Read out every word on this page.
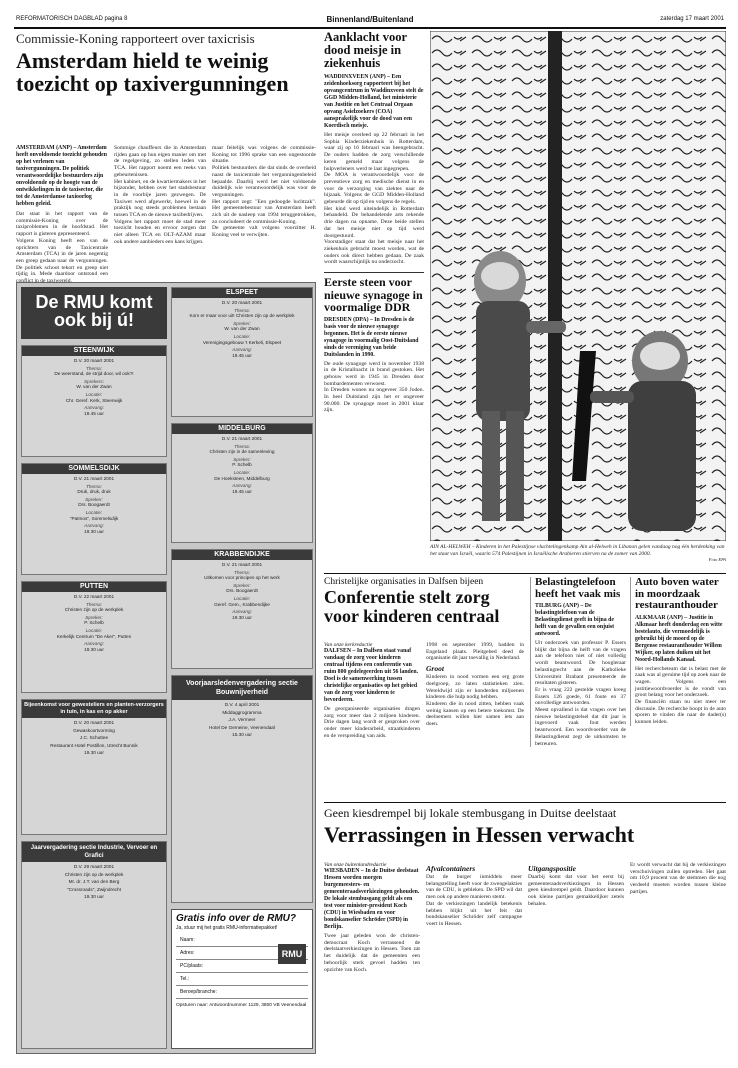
REFORMATORISCH DAGBLAD pagina 8	Binnenland/Buitenland	zaterdag 17 maart 2001
Commissie-Koning rapporteert over taxicrisis
Amsterdam hield te weinig toezicht op taxivergunningen
AMSTERDAM (ANP) – Amsterdam heeft onvoldoende toezicht gehouden op het verlenen van taxivergunningen. De politiek verantwoordelijke bestuurders zijn onvoldoende op de hoogte van de ontwikkelingen in de taxisector, die tot de Amsterdamse taxioorlog hebben geleid.
Dat staat in het rapport van de commissie-Koning over de taxiproblemen in de hoofdstad. Het rapport is gisteren gepresenteerd.
Volgens Koning heeft een van de oprichters van de Taxicentrale Amsterdam (TCA) in de jaren negentig een greep gedaan naar de vergunningen. De politiek schoot tekort en greep niet tijdig in. Mede daardoor ontstond een
Sommige chauffeurs die in Amsterdam rijden gaan op hun eigen manier om met de regelgeving, zo stellen leden van TCA. Het rapport noemt een reeks van gebeurtenissen.
Het kabinet, en de kwartiermakers in het bijzonder, hebben over het stadsbestuur in de voorbije jaren gezwegen. De Taxiwet werd afgewerkt, hoewel in de praktijk nog steeds problemen bestaan tussen TCA en de nieuwe taxibedrijven.
Volgens het rapport moet de stad meer toezicht houden en ervoor zorgen dat niet alleen TCA en OLT-AZAM maar ook andere aanbieders een kans krijgen.
maar feitelijk was volgens de commissie-Koning tot 1996 sprake van een ongestoorde situatie.
Politiek bestuurders die dat sinds de overheid naast de taxicentrale het vergunningenbeleid bepaalde. Daarbij werd het niet voldoende duidelijk wie verantwoordelijk was voor de vergunningen.
Het rapport zegt: "Een gedoogde luchtzak". Het gemeentebestuur van Amsterdam heeft zich uit de nasleep van 1994 teruggetrokken, zo concludeert de commissie-Koning.
De gemeente valt volgens voorzitter H. Koning veel te verwijten.
De RMU komt ook bij ú!
STEENWIJK
D.V. 20 maart 2001
Thema:
De weerstand, de strijd door, wil ook?!
Sprekers:
W. van der Zwan
Locatie:
Chr. Geref. Kerk, Steenwijk
Aanvang:
19.45 uur
SOMMELSDIJK
D.V. 21 maart 2001
Thema:
Druk, druk, druk
Spreker:
Drs. Boogaerdt
Locatie:
"Patmos", Sommelsdijk
Aanvang:
19.30 uur
PUTTEN
D.V. 22 maart 2001
Thema:
Christen zijn op de werkplek
Spreker:
P. Schelb
Locatie:
Kerkelijk Centrum "De Aker", Putten
Aanvang:
19.30 uur
Bijeenkomst voor gewesteliers en planten-verzorgers in tuin, in kas en op akker
D.V. 20 maart 2001
Gewaskoortvorming
J.C. Schuttee
Restaurant Hotel Postillon, Utrecht Bunnik
19.30 uur
Jaarvergadering sectie Industrie, Vervoer en Grafici
D.V. 29 maart 2001
Christen zijn op de werkplek
Mr. dr. J.T. van den Berg
"Crossroads", Zwijndrecht
19.30 uur
ELSPEET
D.V. 20 maart 2001
Thema:
Kom er maar voor uit! Christen zijn op de werkplek
Spreker:
W. van der Zwan
Locatie:
Verenigingsgebouw 't Kerkeli, Elspeet
Aanvang:
19.45 uur
MIDDELBURG
D.V. 21 maart 2001
Thema:
Christen zijn in de samenleving
Spreker:
P. Schelb
Locatie:
De Hoeksteen, Middelburg
Aanvang:
19.45 uur
KRABBENDIJKE
D.V. 21 maart 2001
Thema:
Uitkomen voor principes op het werk
Spreker:
Drs. Boogaerdt
Locatie:
Geref. Gem., Krabbendijke
Aanvang:
19.30 uur
Voorjaarsledenvergadering sectie Bouwnijverheid
D.V. 4 april 2001
Middaggrogramma
J.A. Vermeer
Hotel De Gemeine, Veenendaal
15.30 uur
Gratis info over de RMU?
Ja, stuur mij het gratis RMU-informatiepakket!
Naam:
Adres:
PC/plaats:
Tel.:
Beroep/branche:
Opsturen naar: Antwoordnummer 1129, 3800 VB Veenendaal
RMU
Aanklacht voor dood meisje in ziekenhuis
WADDINXVEEN (ANP) – Een zeidenhoeksorg rapporteert bij het opvangcentrum in Waddinxveen stelt de GGD Midden-Holland, het ministerie van Justitie en het Centraal Orgaan opvang Asielzoekers (COA) aansprakelijk voor de dood van een Koerdisch meisje.
Het meisje overleed op 22 februari in het Sophia Kinderziekenhuis in Rotterdam, waar zij op 16 februari was heengebracht. De ouders hadden de zorg verschillende keren gemeld maar volgens de hulpverleners werd te laat ingegrepen.
De MOA is verantwoordelijk voor de preventieve zorg en medische dienst in en voor de verzorging van ziektes naar de bijzaak. Volgens de GGD Midden-Holland gebeurde dit op tijd en volgens de regels.
Het kind werd uiteindelijk in Rotterdam behandeld. De behandelende arts rekende drie dagen na opname. Deze beide stellen dat het meisje niet op tijd werd doorgestuurd.
Voorstadiger staat dat het meisje naar het ziekenhuis gebracht moest worden, wat de ouders ook direct hebben gedaan. De zaak wordt waarschijnlijk nu onderzocht.
Eerste steen voor nieuwe synagoge in voormalige DDR
DRESDEN (DPA) – In Dresden is de basis voor de nieuwe synagoge begonnen. Het is de eerste nieuwe synagoge in voormalig Oost-Duitsland sinds de vereniging van beide Duitslanden in 1990.
De oude synagoge werd in november 1938 in de Kristallnacht in brand gestoken. Het gebouw werd in 1945 in Dresden door bombardementen verwoest.
In Dresden wonen nu ongeveer 350 Joden. In heel Duitsland zijn het er ongeveer 90.000. De synagoge moet in 2001 klaar zijn.
AIN AL-HELWEH – Kinderen in het Palestijnse vluchtelingenkamp Ain al-Helweh in Libanon gelen vandaag nog één herdenking van het staat van Israël, waarin 574 Palestijnen in Israëlische Arabieren stierven na de zomer van 2000.
Foto EPA
Christelijke organisaties in Dalfsen bijeen
Conferentie stelt zorg voor kinderen centraal
Van onze kerkredactie
DALFSEN – In Dalfsen staat vanaf vandaag de zorg voor kinderen centraal tijdens een conferentie van ruim 800 gedelegeerden uit 56 landen. Doel is de samenwerking tussen christelijke organisaties op het gebied van de zorg voor kinderen te bevorderen.
De georganiseerde organisaties dragen zorg voor meer dan 2 miljoen kinderen. Drie dagen lang wordt er gesproken over onder meer kinderarbeid, straatkinderen en de verspreiding van aids.
1998 en september 1999, hadden in Engeland plaats. Pleitgebed deed de organisatie dit jaar toevallig in Nederland.
Groot
Kinderen in nood vormen een erg grote doelgroep, zo laten statistieken zien. Wereldwijd zijn er honderden miljoenen kinderen die hulp nodig hebben.
Kinderen die in nood zitten, hebben vaak weinig kansen op een betere toekomst. De deelnemers willen hier samen iets aan doen.
Belastingtelefoon heeft het vaak mis
TILBURG (ANP) – De belastingtelefoon van de Belastingdienst geeft in bijna de helft van de gevallen een onjuist antwoord.
Uit onderzoek van professor P. Essers blijkt dat bijna de helft van de vragen aan de telefoon niet of niet volledig wordt beantwoord. De hoogleraar belastingrecht aan de Katholieke Universiteit Brabant presenteerde de resultaten gisteren.
Er is vraag 222 gestelde vragen kreeg Essers 126 goede, 61 foute en 37 onvolledige antwoorden.
Meest opvallend is dat vragen over het nieuwe belastingstelsel dat dit jaar is ingevoerd vaak fout werden beantwoord. Een woordvoerder van de Belastingdienst zegt de uitkomsten te betreuren.
Auto boven water in moordzaak restauranthouder
ALKMAAR (ANP) – Justitie in Alkmaar heeft donderdag een witte bestelauto, die vermoedelijk is gebruikt bij de moord op de Bergense restauranthouder Willem Wijker, op laten duiken uit het Noord-Hollands Kanaal.
Het rechercheteam dat is belast met de zaak was al geruime tijd op zoek naar de wagen. Volgens een justitiewoordvoerder is de vondt van groot belang voor het onderzoek.
De financiën staan nu niet meer ter discussie. De recherche hoopt in de auto sporen te vinden die naar de dader(s) kunnen leiden.
Geen kiesdrempel bij lokale stembusgang in Duitse deelstaat
Verrassingen in Hessen verwacht
Van onze buitenlandredactie
WIESBADEN – In de Duitse deelstaat Hessen worden morgen burgemeesters- en gemeenteraadsverkiezingen gehouden. De lokale stembusgang geldt als een test voor minister-president Koch (CDU) in Wiesbaden en voor bondskanselier Schröder (SPD) in Berlijn.
Twee jaar geleden won de christen-democraat Koch verrassend de deelstaatverkiezingen in Hessen. Toen zat het duidelijk dat de gemeenten een behoorlijk sterk gevoel hadden ten opzichte van Koch.
Afvalcontainers
Dat de burger inmiddels meer belangstelling heeft voor de zwengelakties van de CDU, is gebleken. De SPD wil dat men ook op andere manieren stemt.
Dat de verkiezingen landelijk betekenis hebben blijkt uit het feit dat bondskanselier Schröder zelf campagne voert in Hessen.
Uitgangspositie
Daarbij komt dat voor het eerst bij gemeenteraadsverkiezingen in Hessen geen kiesdrempel geldt. Daardoor kunnen ook kleine partijen gemakkelijker zetels behalen.
Er wordt verwacht dat bij de verkiezingen verschuivingen zullen optreden. Het gaat om 10,9 procent van de stemmen die nog verdeeld moeten worden tussen kleine partijen.
